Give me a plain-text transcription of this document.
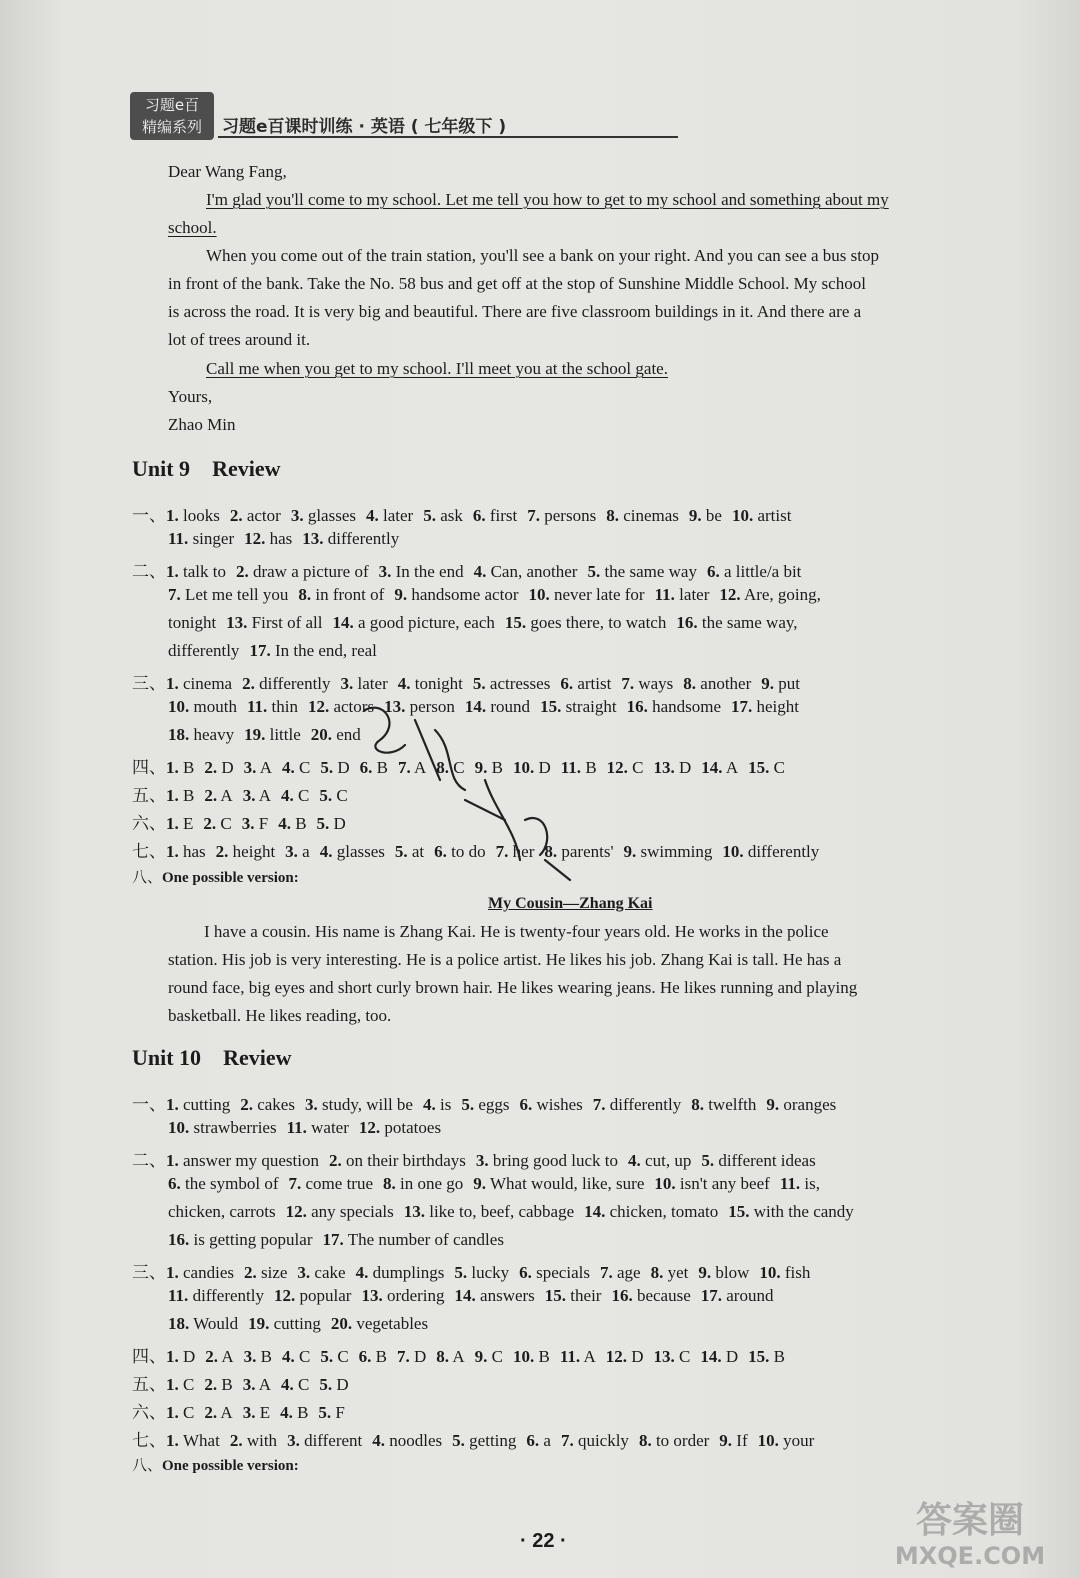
习题e百
精编系列	习题e百课时训练 · 英语 ( 七年级下 )
Dear Wang Fang,
I'm glad you'll come to my school. Let me tell you how to get to my school and something about my
school.
When you come out of the train station, you'll see a bank on your right. And you can see a bus stop
in front of the bank. Take the No. 58 bus and get off at the stop of Sunshine Middle School. My school
is across the road. It is very big and beautiful. There are five classroom buildings in it. And there are a
lot of trees around it.
Call me when you get to my school. I'll meet you at the school gate.
Yours,
Zhao Min
Unit 9 Review
一、1. looks 2. actor 3. glasses 4. later 5. ask 6. first 7. persons 8. cinemas 9. be 10. artist
11. singer 12. has 13. differently
二、1. talk to 2. draw a picture of 3. In the end 4. Can, another 5. the same way 6. a little/a bit
7. Let me tell you 8. in front of 9. handsome actor 10. never late for 11. later 12. Are, going,
tonight 13. First of all 14. a good picture, each 15. goes there, to watch 16. the same way,
differently 17. In the end, real
三、1. cinema 2. differently 3. later 4. tonight 5. actresses 6. artist 7. ways 8. another 9. put
10. mouth 11. thin 12. actors 13. person 14. round 15. straight 16. handsome 17. height
18. heavy 19. little 20. end
四、1. B 2. D 3. A 4. C 5. D 6. B 7. A 8. C 9. B 10. D 11. B 12. C 13. D 14. A 15. C
五、1. B 2. A 3. A 4. C 5. C
六、1. E 2. C 3. F 4. B 5. D
七、1. has 2. height 3. a 4. glasses 5. at 6. to do 7. her 8. parents' 9. swimming 10. differently
八、One possible version:
My Cousin—Zhang Kai
I have a cousin. His name is Zhang Kai. He is twenty-four years old. He works in the police
station. His job is very interesting. He is a police artist. He likes his job. Zhang Kai is tall. He has a
round face, big eyes and short curly brown hair. He likes wearing jeans. He likes running and playing
basketball. He likes reading, too.
Unit 10 Review
一、1. cutting 2. cakes 3. study, will be 4. is 5. eggs 6. wishes 7. differently 8. twelfth 9. oranges
10. strawberries 11. water 12. potatoes
二、1. answer my question 2. on their birthdays 3. bring good luck to 4. cut, up 5. different ideas
6. the symbol of 7. come true 8. in one go 9. What would, like, sure 10. isn't any beef 11. is,
chicken, carrots 12. any specials 13. like to, beef, cabbage 14. chicken, tomato 15. with the candy
16. is getting popular 17. The number of candles
三、1. candies 2. size 3. cake 4. dumplings 5. lucky 6. specials 7. age 8. yet 9. blow 10. fish
11. differently 12. popular 13. ordering 14. answers 15. their 16. because 17. around
18. Would 19. cutting 20. vegetables
四、1. D 2. A 3. B 4. C 5. C 6. B 7. D 8. A 9. C 10. B 11. A 12. D 13. C 14. D 15. B
五、1. C 2. B 3. A 4. C 5. D
六、1. C 2. A 3. E 4. B 5. F
七、1. What 2. with 3. different 4. noodles 5. getting 6. a 7. quickly 8. to order 9. If 10. your
八、One possible version:
· 22 ·	答案圈
MXQE.COM
